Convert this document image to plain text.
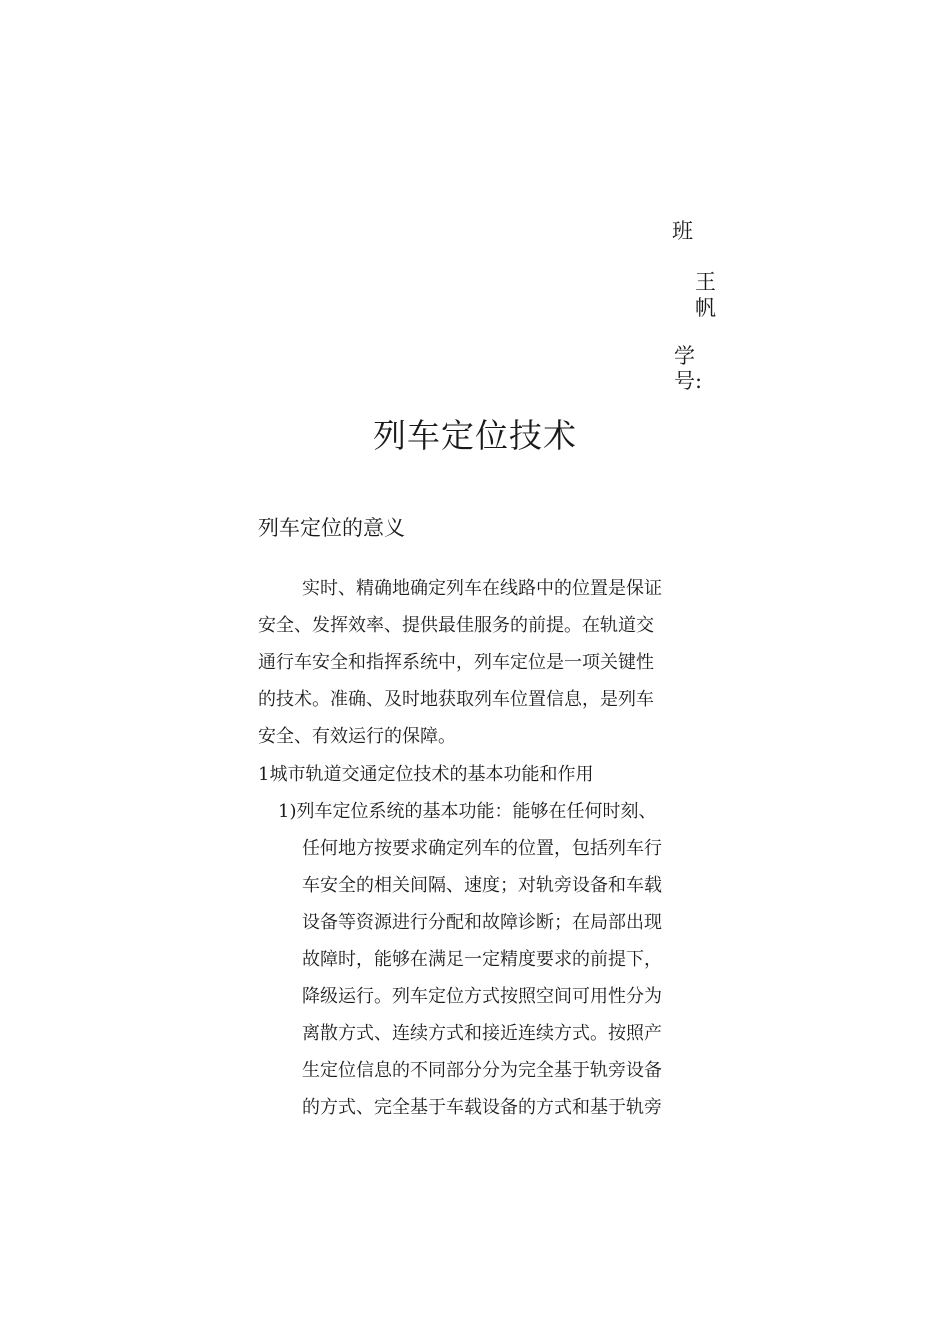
班
王
帆
学
号:
列车定位技术
列车定位的意义
实时、精确地确定列车在线路中的位置是保证
安全、发挥效率、提供最佳服务的前提。在轨道交
通行车安全和指挥系统中，列车定位是一项关键性
的技术。准确、及时地获取列车位置信息，是列车
安全、有效运行的保障。
1城市轨道交通定位技术的基本功能和作用
1)列车定位系统的基本功能：能够在任何时刻、
任何地方按要求确定列车的位置，包括列车行
车安全的相关间隔、速度；对轨旁设备和车载
设备等资源进行分配和故障诊断；在局部出现
故障时，能够在满足一定精度要求的前提下，
降级运行。列车定位方式按照空间可用性分为
离散方式、连续方式和接近连续方式。按照产
生定位信息的不同部分分为完全基于轨旁设备
的方式、完全基于车载设备的方式和基于轨旁
